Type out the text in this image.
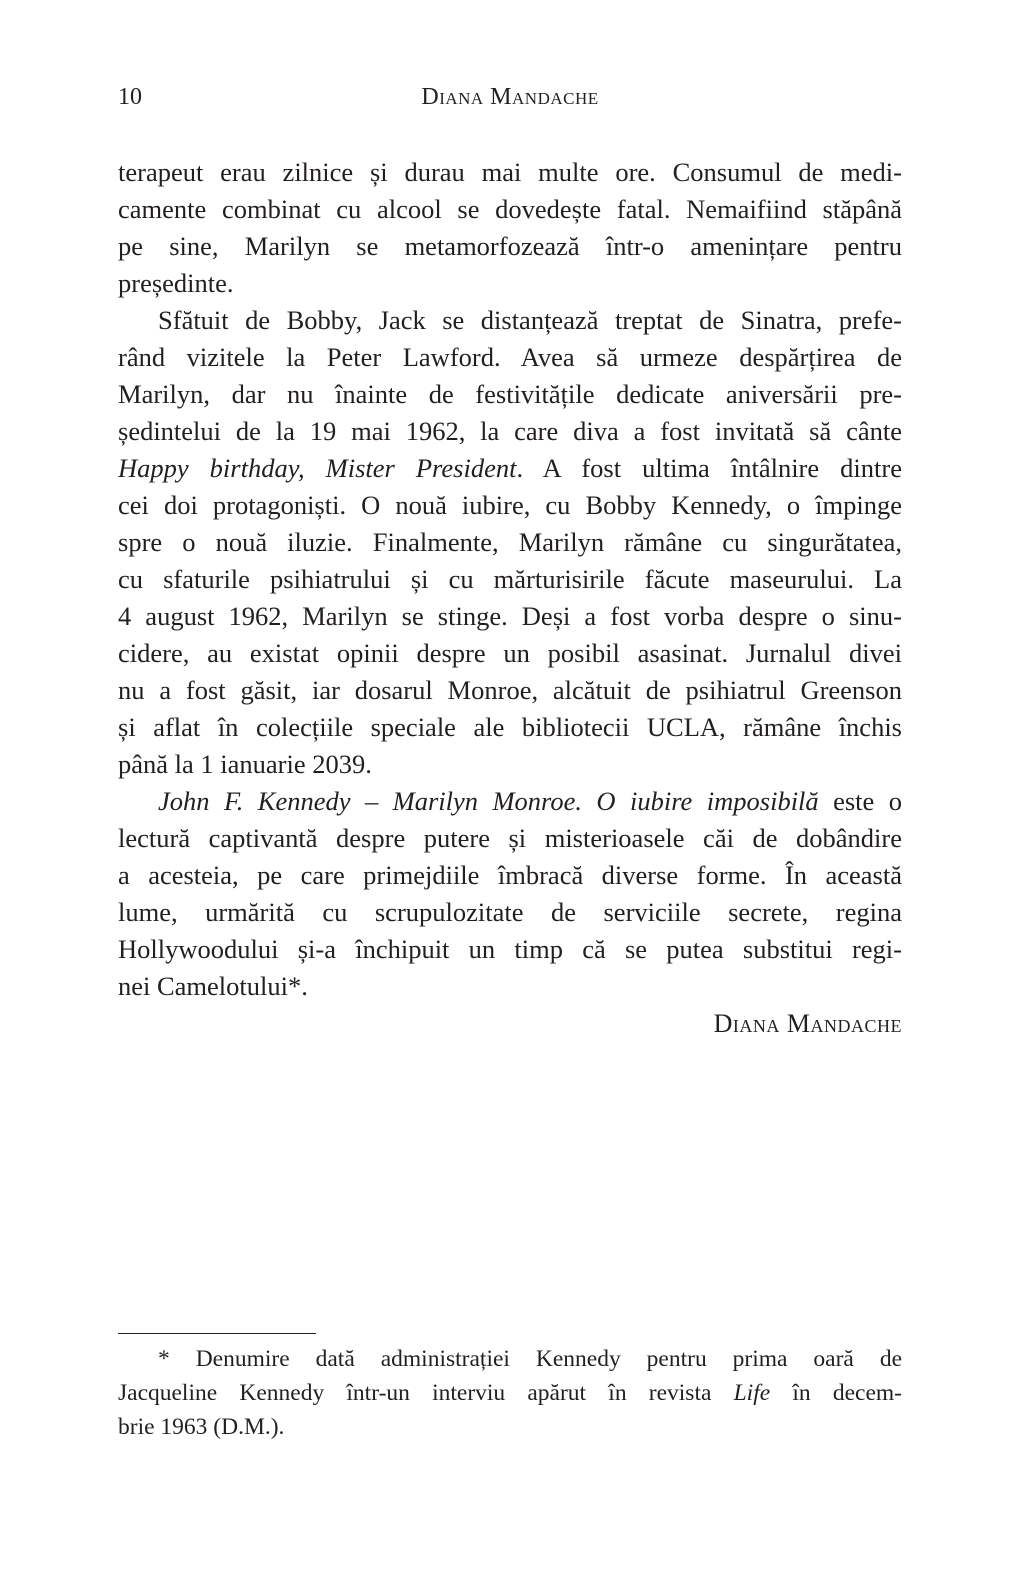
10	Diana Mandache
terapeut erau zilnice și durau mai multe ore. Consumul de medi-
camente combinat cu alcool se dovedește fatal. Nemaifiind stăpână
pe sine, Marilyn se metamorfozează într-o amenințare pentru
președinte.
Sfătuit de Bobby, Jack se distanțează treptat de Sinatra, prefe-
rând vizitele la Peter Lawford. Avea să urmeze despărțirea de
Marilyn, dar nu înainte de festivitățile dedicate aniversării pre-
ședintelui de la 19 mai 1962, la care diva a fost invitată să cânte
Happy birthday, Mister President. A fost ultima întâlnire dintre
cei doi protagoniști. O nouă iubire, cu Bobby Kennedy, o împinge
spre o nouă iluzie. Finalmente, Marilyn rămâne cu singurătatea,
cu sfaturile psihiatrului și cu mărturisirile făcute maseurului. La
4 august 1962, Marilyn se stinge. Deși a fost vorba despre o sinu-
cidere, au existat opinii despre un posibil asasinat. Jurnalul divei
nu a fost găsit, iar dosarul Monroe, alcătuit de psihiatrul Greenson
și aflat în colecțiile speciale ale bibliotecii UCLA, rămâne închis
până la 1 ianuarie 2039.
John F. Kennedy – Marilyn Monroe. O iubire imposibilă este o
lectură captivantă despre putere și misterioasele căi de dobândire
a acesteia, pe care primejdiile îmbracă diverse forme. În această
lume, urmărită cu scrupulozitate de serviciile secrete, regina
Hollywoodului și-a închipuit un timp că se putea substitui regi-
nei Camelotului*.
Diana Mandache
* Denumire dată administrației Kennedy pentru prima oară de
Jacqueline Kennedy într-un interviu apărut în revista Life în decem-
brie 1963 (D.M.).
